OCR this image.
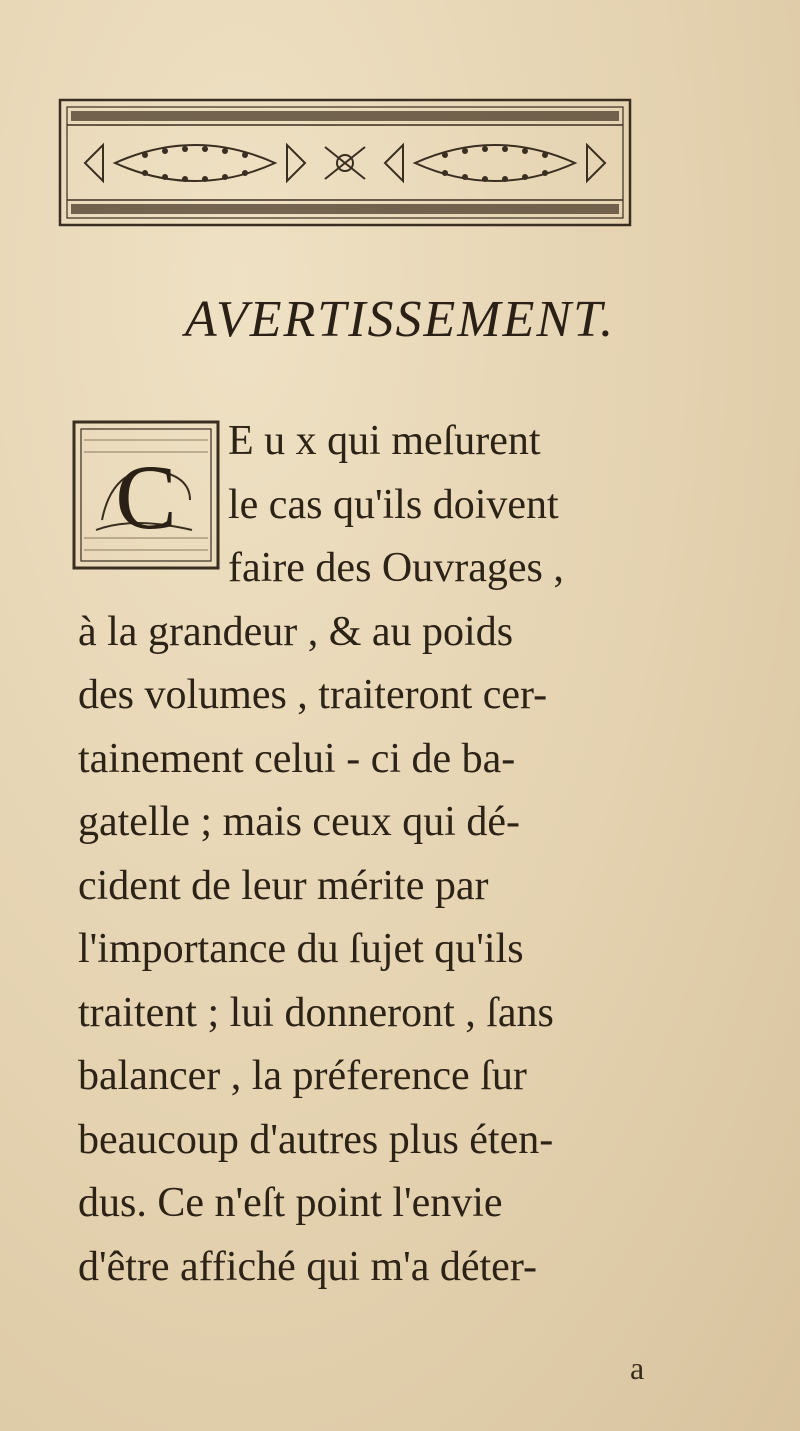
AVERTISSEMENT.
C
E u x qui meſurent
le cas qu'ils doivent
faire des Ouvrages ,
à la grandeur , & au poids
des volumes , traiteront cer-
tainement celui - ci de ba-
gatelle ; mais ceux qui dé-
cident de leur mérite par
l'importance du ſujet qu'ils
traitent ; lui donneront , ſans
balancer , la préference ſur
beaucoup d'autres plus éten-
dus. Ce n'eſt point l'envie
d'être affiché qui m'a déter-
a
